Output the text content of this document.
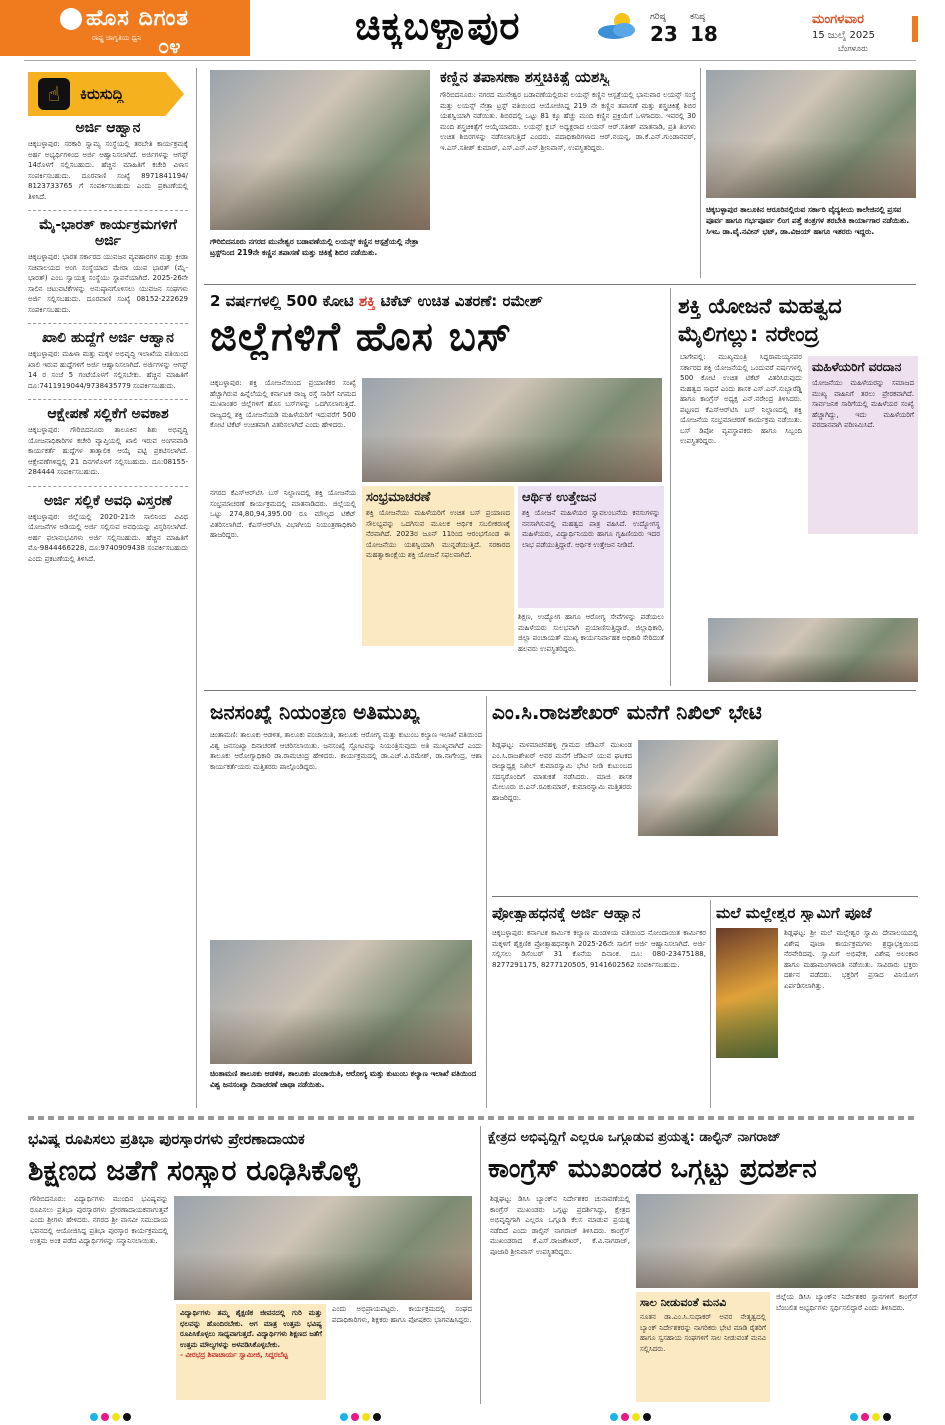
ಹೊಸ ದಿಗಂತ
ರಾಷ್ಟ್ರ ಜಾಗೃತಿಯ ಧ್ವನಿ ೦೪	ಚಿಕ್ಕಬಳ್ಳಾಪುರ	ಗರಿಷ್ಠ
23
ಕನಿಷ್ಠ
18
ಮಂಗಳವಾರ
15 ಜುಲೈ 2025
ಬೆಂಗಳೂರು
☝	ಕಿರುಸುದ್ದಿ
ಅರ್ಜಿ ಆಹ್ವಾನ
ಚಿಕ್ಕಬಳ್ಳಾಪುರ: ಸರಕಾರಿ ಸ್ವಾಮ್ಯ ಸಂಸ್ಥೆಯಲ್ಲಿ ತರಬೇತಿ ಕಾರ್ಯಕ್ರಮಕ್ಕೆ ಅರ್ಹ ಅಭ್ಯರ್ಥಿಗಳಿಂದ ಅರ್ಜಿ ಆಹ್ವಾನಿಸಲಾಗಿದೆ. ಅರ್ಜಿಗಳನ್ನು ಆಗಸ್ಟ್ 14ರೊಳಗೆ ಸಲ್ಲಿಸಬಹುದು. ಹೆಚ್ಚಿನ ಮಾಹಿತಿಗೆ ಕಚೇರಿ ವಿಳಾಸ ಸಂಪರ್ಕಿಸಬಹುದು. ದೂರವಾಣಿ ಸಂಖ್ಯೆ 8971841194/ 8123733765 ಗೆ ಸಂಪರ್ಕಿಸಬಹುದು ಎಂದು ಪ್ರಕಟಣೆಯಲ್ಲಿ ತಿಳಿಸಿದೆ.
ಮೈ-ಭಾರತ್ ಕಾರ್ಯಕ್ರಮಗಳಿಗೆ ಅರ್ಜಿ
ಚಿಕ್ಕಬಳ್ಳಾಪುರ: ಭಾರತ ಸರ್ಕಾರದ ಯುವಜನ ವ್ಯವಹಾರಗಳ ಮತ್ತು ಕ್ರೀಡಾ ಸಚಿವಾಲಯದ ಅಂಗ ಸಂಸ್ಥೆಯಾದ ಮೇರಾ ಯುವ ಭಾರತ್ (ಮೈ-ಭಾರತ್) ಎಂಬ ಸ್ವಾಯತ್ತ ಸಂಸ್ಥೆಯು ಸ್ಥಾಪನೆಯಾಗಿದೆ. 2025-26ನೇ ಸಾಲಿನ ಚಟುವಟಿಕೆಗಳನ್ನು ಅನುಷ್ಠಾನಗೊಳಿಸಲು ಯುವಜನ ಸಂಘಗಳು ಅರ್ಜಿ ಸಲ್ಲಿಸಬಹುದು. ದೂರವಾಣಿ ಸಂಖ್ಯೆ 08152-222629 ಸಂಪರ್ಕಿಸಬಹುದು.
ಖಾಲಿ ಹುದ್ದೆಗೆ ಅರ್ಜಿ ಆಹ್ವಾನ
ಚಿಕ್ಕಬಳ್ಳಾಪುರ: ಮಹಿಳಾ ಮತ್ತು ಮಕ್ಕಳ ಅಭಿವೃದ್ಧಿ ಇಲಾಖೆಯ ವತಿಯಿಂದ ಖಾಲಿ ಇರುವ ಹುದ್ದೆಗಳಿಗೆ ಅರ್ಜಿ ಆಹ್ವಾನಿಸಲಾಗಿದೆ. ಅರ್ಜಿಗಳನ್ನು ಆಗಸ್ಟ್ 14 ರ ಸಂಜೆ 5 ಗಂಟೆಯೊಳಗೆ ಸಲ್ಲಿಸಬೇಕು. ಹೆಚ್ಚಿನ ಮಾಹಿತಿಗೆ ದೂ:7411919044/9738435779 ಸಂಪರ್ಕಿಸಬಹುದು.
ಆಕ್ಷೇಪಣೆ ಸಲ್ಲಿಕೆಗೆ ಅವಕಾಶ
ಚಿಕ್ಕಬಳ್ಳಾಪುರ: ಗೌರಿಬಿದನೂರು ತಾಲೂಕಿನ ಶಿಶು ಅಭಿವೃದ್ಧಿ ಯೋಜನಾಧಿಕಾರಿಗಳ ಕಚೇರಿ ವ್ಯಾಪ್ತಿಯಲ್ಲಿ ಖಾಲಿ ಇರುವ ಅಂಗನವಾಡಿ ಕಾರ್ಯಕರ್ತೆ ಹುದ್ದೆಗಳ ತಾತ್ಕಾಲಿಕ ಆಯ್ಕೆ ಪಟ್ಟಿ ಪ್ರಕಟಿಸಲಾಗಿದೆ. ಆಕ್ಷೇಪಣೆಗಳಿದ್ದಲ್ಲಿ 21 ದಿನಗಳೊಳಗೆ ಸಲ್ಲಿಸಬಹುದು. ದೂ:08155-284444 ಸಂಪರ್ಕಿಸಬಹುದು.
ಅರ್ಜಿ ಸಲ್ಲಿಕೆ ಅವಧಿ ವಿಸ್ತರಣೆ
ಚಿಕ್ಕಬಳ್ಳಾಪುರ: ಜಿಲ್ಲೆಯಲ್ಲಿ 2020-21ನೇ ಸಾಲಿನಿಂದ ವಿವಿಧ ಯೋಜನೆಗಳ ಅಡಿಯಲ್ಲಿ ಅರ್ಜಿ ಸಲ್ಲಿಸುವ ಅವಧಿಯನ್ನು ವಿಸ್ತರಿಸಲಾಗಿದೆ. ಅರ್ಹ ಫಲಾನುಭವಿಗಳು ಅರ್ಜಿ ಸಲ್ಲಿಸಬಹುದು. ಹೆಚ್ಚಿನ ಮಾಹಿತಿಗೆ ಮೊ-9844466228, ದೂ:9740909438 ಸಂಪರ್ಕಿಸಬಹುದು ಎಂದು ಪ್ರಕಟಣೆಯಲ್ಲಿ ತಿಳಿಸಿದೆ.
ಗೌರಿಬಿದನೂರು ನಗರದ ಮುನೇಶ್ವರ ಬಡಾವಣೆಯಲ್ಲಿ ಲಯನ್ಸ್ ಕಣ್ಣಿನ ಆಸ್ಪತ್ರೆಯಲ್ಲಿ ನೇತ್ರಾ ಟ್ರಸ್ಟ್‌ನಿಂದ 219ನೇ ಕಣ್ಣಿನ ತಪಾಸಣೆ ಮತ್ತು ಚಿಕಿತ್ಸೆ ಶಿಬಿರ ನಡೆಯಿತು.
ಕಣ್ಣಿನ ತಪಾಸಣಾ ಶಸ್ತ್ರಚಿಕಿತ್ಸೆ ಯಶಸ್ವಿ
ಗೌರಿಬಿದನೂರು: ನಗರದ ಮುನೇಶ್ವರ ಬಡಾವಣೆಯಲ್ಲಿರುವ ಲಯನ್ಸ್ ಕಣ್ಣಿನ ಆಸ್ಪತ್ರೆಯಲ್ಲಿ ಭಾನುವಾರ ಲಯನ್ಸ್ ಸಂಸ್ಥೆ ಮತ್ತು ಲಯನ್ಸ್ ನೇತ್ರಾ ಟ್ರಸ್ಟ್ ವತಿಯಿಂದ ಆಯೋಜಿಸಿದ್ದ 219 ನೇ ಕಣ್ಣಿನ ತಪಾಸಣೆ ಮತ್ತು ಶಸ್ತ್ರಚಿಕಿತ್ಸೆ ಶಿಬಿರ ಯಶಸ್ವಿಯಾಗಿ ನಡೆಯಿತು. ಶಿಬಿರದಲ್ಲಿ ಒಟ್ಟು 81 ಕ್ಕೂ ಹೆಚ್ಚು ಮಂದಿ ಕಣ್ಣಿನ ಪ್ರಕ್ರಿಯೆಗೆ ಒಳಗಾದರು. ಇವರಲ್ಲಿ 30 ಮಂದಿ ಶಸ್ತ್ರಚಿಕಿತ್ಸೆಗೆ ಆಯ್ಕೆಯಾದರು. ಲಯನ್ಸ್ ಕ್ಲಬ್ ಅಧ್ಯಕ್ಷರಾದ ಲಯನ್ ಆರ್.ಸತೀಶ್ ಮಾತನಾಡಿ, ಪ್ರತಿ ತಿಂಗಳು ಉಚಿತ ಶಿಬಿರಗಳನ್ನು ನಡೆಸಲಾಗುತ್ತಿದೆ ಎಂದರು. ಪದಾಧಿಕಾರಿಗಳಾದ ಆರ್.ನಯನ್ನ, ಡಾ.ಕೆ.ಎನ್.ಗುಂಡಾನವರ್, ಇ.ಎಸ್.ಸತೀಶ್ ಕುಮಾರ್, ಎಸ್.ಎನ್.ಎನ್.ಶ್ರೀನಿವಾಸ್, ಉಪಸ್ಥಿತರಿದ್ದರು.
ಚಿಕ್ಕಬಳ್ಳಾಪುರ ತಾಲೂಕಿನ ಆರೂರಿನಲ್ಲಿರುವ ಸರ್ಕಾರಿ ವೈದ್ಯಕೀಯ ಕಾಲೇಜಿನಲ್ಲಿ ಪ್ರಸವ ಪೂರ್ವ ಹಾಗೂ ಗರ್ಭಪೂರ್ವ ಲಿಂಗ ಪತ್ತೆ ತಂತ್ರಗಳ ತರಬೇತಿ ಕಾರ್ಯಾಗಾರ ನಡೆಯಿತು. ಸಿಇಒ ಡಾ.ವೈ.ನವೀನ್ ಭಟ್, ಡಾ.ವಿಜಯ್ ಹಾಗೂ ಇತರರು ಇದ್ದರು.
2 ವರ್ಷಗಳಲ್ಲಿ 500 ಕೋಟಿ ಶಕ್ತಿ ಟಿಕೆಟ್ ಉಚಿತ ವಿತರಣೆ: ರಮೇಶ್
ಜಿಲ್ಲೆಗಳಿಗೆ ಹೊಸ ಬಸ್
ಚಿಕ್ಕಬಳ್ಳಾಪುರ: ಶಕ್ತಿ ಯೋಜನೆಯಿಂದ ಪ್ರಯಾಣಿಕರ ಸಂಖ್ಯೆ ಹೆಚ್ಚಾಗಿರುವ ಹಿನ್ನೆಲೆಯಲ್ಲಿ ಕರ್ನಾಟಕ ರಾಜ್ಯ ರಸ್ತೆ ಸಾರಿಗೆ ನಿಗಮದ ಮುಖಾಂತರ ಜಿಲ್ಲೆಗಳಿಗೆ ಹೊಸ ಬಸ್‌ಗಳನ್ನು ಒದಗಿಸಲಾಗುತ್ತಿದೆ. ರಾಜ್ಯದಲ್ಲಿ ಶಕ್ತಿ ಯೋಜನೆಯಡಿ ಮಹಿಳೆಯರಿಗೆ ಇದುವರೆಗೆ 500 ಕೋಟಿ ಟಿಕೆಟ್ ಉಚಿತವಾಗಿ ವಿತರಿಸಲಾಗಿದೆ ಎಂದು ಹೇಳಿದರು.
ನಗರದ ಕೆಎಸ್‌ಆರ್‌ಟಿಸಿ ಬಸ್ ನಿಲ್ದಾಣದಲ್ಲಿ ಶಕ್ತಿ ಯೋಜನೆಯ ಸಂಭ್ರಮಾಚರಣೆ ಕಾರ್ಯಕ್ರಮದಲ್ಲಿ ಮಾತನಾಡಿದರು. ಜಿಲ್ಲೆಯಲ್ಲಿ ಒಟ್ಟು 274,80,94,395.00 ರೂ ಮೌಲ್ಯದ ಟಿಕೆಟ್ ವಿತರಿಸಲಾಗಿದೆ. ಕೆಎಸ್‌ಆರ್‌ಟಿಸಿ ವಿಭಾಗೀಯ ನಿಯಂತ್ರಣಾಧಿಕಾರಿ ಹಾಜರಿದ್ದರು.
ಸಂಭ್ರಮಾಚರಣೆ
ಶಕ್ತಿ ಯೋಜನೆಯು ಮಹಿಳೆಯರಿಗೆ ಉಚಿತ ಬಸ್ ಪ್ರಯಾಣದ ಸೌಲಭ್ಯವನ್ನು ಒದಗಿಸುವ ಮೂಲಕ ಆರ್ಥಿಕ ಸಬಲೀಕರಣಕ್ಕೆ ನೆರವಾಗಿದೆ. 2023ರ ಜೂನ್ 11ರಿಂದ ಆರಂಭಗೊಂಡ ಈ ಯೋಜನೆಯು ಯಶಸ್ವಿಯಾಗಿ ಮುನ್ನಡೆಯುತ್ತಿದೆ. ಸರಕಾರದ ಮಹತ್ವಾಕಾಂಕ್ಷೆಯ ಶಕ್ತಿ ಯೋಜನೆ ಸಫಲವಾಗಿದೆ.
ಆರ್ಥಿಕ ಉತ್ತೇಜನ
ಶಕ್ತಿ ಯೋಜನೆ ಮಹಿಳೆಯರ ಸ್ವಾವಲಂಬನೆಯ ಕನಸುಗಳನ್ನು ನನಸಾಗಿಸುವಲ್ಲಿ ಮಹತ್ವದ ಪಾತ್ರ ವಹಿಸಿದೆ. ಉದ್ಯೋಗಸ್ಥ ಮಹಿಳೆಯರು, ವಿದ್ಯಾರ್ಥಿನಿಯರು ಹಾಗೂ ಗೃಹಿಣಿಯರು ಇದರ ಲಾಭ ಪಡೆಯುತ್ತಿದ್ದಾರೆ. ಆರ್ಥಿಕ ಉತ್ತೇಜನ ನೀಡಿದೆ.
ಶಿಕ್ಷಣ, ಉದ್ಯೋಗ ಹಾಗೂ ಆರೋಗ್ಯ ಸೇವೆಗಳನ್ನು ಪಡೆಯಲು ಮಹಿಳೆಯರು ಸುಲಭವಾಗಿ ಪ್ರಯಾಣಿಸುತ್ತಿದ್ದಾರೆ. ಜಿಲ್ಲಾಧಿಕಾರಿ, ಜಿಲ್ಲಾ ಪಂಚಾಯತ್ ಮುಖ್ಯ ಕಾರ್ಯನಿರ್ವಾಹಕ ಅಧಿಕಾರಿ ಸೇರಿದಂತೆ ಹಲವರು ಉಪಸ್ಥಿತರಿದ್ದರು.
ಶಕ್ತಿ ಯೋಜನೆ ಮಹತ್ವದ ಮೈಲಿಗಲ್ಲು: ನರೇಂದ್ರ
ಬಾಗೇಪಲ್ಲಿ: ಮುಖ್ಯಮಂತ್ರಿ ಸಿದ್ದರಾಮಯ್ಯನವರ ಸರ್ಕಾರದ ಶಕ್ತಿ ಯೋಜನೆಯಲ್ಲಿ ಒಂದುವರೆ ವರ್ಷಗಳಲ್ಲಿ 500 ಕೋಟಿ ಉಚಿತ ಟಿಕೆಟ್ ವಿತರಿಸಿರುವುದು ಮಹತ್ವದ ಸಾಧನೆ ಎಂದು ಶಾಸಕ ಎಸ್.ಎನ್.ಸುಬ್ಬಾರೆಡ್ಡಿ ಹಾಗೂ ಕಾಂಗ್ರೆಸ್ ಅಧ್ಯಕ್ಷ ಎನ್.ನರೇಂದ್ರ ತಿಳಿಸಿದರು. ಪಟ್ಟಣದ ಕೆಎಸ್‌ಆರ್‌ಟಿಸಿ ಬಸ್ ನಿಲ್ದಾಣದಲ್ಲಿ ಶಕ್ತಿ ಯೋಜನೆಯ ಸಂಭ್ರಮಾಚರಣೆ ಕಾರ್ಯಕ್ರಮ ನಡೆಯಿತು. ಬಸ್ ಡಿಪೋ ವ್ಯವಸ್ಥಾಪಕರು ಹಾಗೂ ಸಿಬ್ಬಂದಿ ಉಪಸ್ಥಿತರಿದ್ದರು.
ಮಹಿಳೆಯರಿಗೆ ವರದಾನ
ಯೋಜನೆಯು ಮಹಿಳೆಯರನ್ನು ಸಮಾಜದ ಮುಖ್ಯ ವಾಹಿನಿಗೆ ತರಲು ಪ್ರೇರಕವಾಗಿದೆ. ಸಾರ್ವಜನಿಕ ಸಾರಿಗೆಯಲ್ಲಿ ಮಹಿಳೆಯರ ಸಂಖ್ಯೆ ಹೆಚ್ಚಾಗಿದ್ದು, ಇದು ಮಹಿಳೆಯರಿಗೆ ವರದಾನವಾಗಿ ಪರಿಣಮಿಸಿದೆ.
ಜನಸಂಖ್ಯೆ ನಿಯಂತ್ರಣ ಅತಿಮುಖ್ಯ
ಚಿಂತಾಮಣಿ: ತಾಲೂಕು ಆಡಳಿತ, ತಾಲೂಕು ಪಂಚಾಯಿತಿ, ತಾಲೂಕು ಆರೋಗ್ಯ ಮತ್ತು ಕುಟುಂಬ ಕಲ್ಯಾಣ ಇಲಾಖೆ ವತಿಯಿಂದ ವಿಶ್ವ ಜನಸಂಖ್ಯಾ ದಿನಾಚರಣೆ ಆಚರಿಸಲಾಯಿತು. ಜನಸಂಖ್ಯೆ ಸ್ಫೋಟವನ್ನು ನಿಯಂತ್ರಿಸುವುದು ಅತಿ ಮುಖ್ಯವಾಗಿದೆ ಎಂದು ತಾಲೂಕು ಆರೋಗ್ಯಾಧಿಕಾರಿ ಡಾ.ರಾಮಚಂದ್ರ ಹೇಳಿದರು. ಕಾರ್ಯಕ್ರಮದಲ್ಲಿ ಡಾ.ಎಚ್.ವಿ.ರಮೇಶ್, ಡಾ.ನಾಗೇಂದ್ರ, ಆಶಾ ಕಾರ್ಯಕರ್ತೆಯರು ಮತ್ತಿತರರು ಪಾಲ್ಗೊಂಡಿದ್ದರು.
ಚಿಂತಾಮಣಿ ತಾಲೂಕು ಆಡಳಿತ, ತಾಲೂಕು ಪಂಚಾಯಿತಿ, ಆರೋಗ್ಯ ಮತ್ತು ಕುಟುಂಬ ಕಲ್ಯಾಣ ಇಲಾಖೆ ವತಿಯಿಂದ ವಿಶ್ವ ಜನಸಂಖ್ಯಾ ದಿನಾಚರಣೆ ಜಾಥಾ ನಡೆಯಿತು.
ಎಂ.ಸಿ.ರಾಜಶೇಖರ್ ಮನೆಗೆ ನಿಖಿಲ್ ಭೇಟಿ
ಶಿಡ್ಲಘಟ್ಟ: ಮಳಮಾಚನಹಳ್ಳಿ ಗ್ರಾಮದ ಜೆಡಿಎಸ್ ಮುಖಂಡ ಎಂ.ಸಿ.ರಾಜಶೇಖರ್ ಅವರ ಮನೆಗೆ ಜೆಡಿಎಸ್ ಯುವ ಘಟಕದ ರಾಜ್ಯಾಧ್ಯಕ್ಷ ನಿಖಿಲ್ ಕುಮಾರಸ್ವಾಮಿ ಭೇಟಿ ನೀಡಿ ಕುಟುಂಬದ ಸದಸ್ಯರೊಂದಿಗೆ ಮಾತುಕತೆ ನಡೆಸಿದರು. ಮಾಜಿ ಶಾಸಕ ಮೇಲೂರು ಬಿ.ಎನ್.ರವಿಕುಮಾರ್, ಕುಮಾರಸ್ವಾಮಿ ಮತ್ತಿತರರು ಹಾಜರಿದ್ದರು.
ಪ್ರೋತ್ಸಾಹಧನಕ್ಕೆ ಅರ್ಜಿ ಆಹ್ವಾನ
ಚಿಕ್ಕಬಳ್ಳಾಪುರ: ಕರ್ನಾಟಕ ಕಾರ್ಮಿಕ ಕಲ್ಯಾಣ ಮಂಡಳಿಯ ವತಿಯಿಂದ ನೋಂದಾಯಿತ ಕಾರ್ಮಿಕರ ಮಕ್ಕಳಿಗೆ ಶೈಕ್ಷಣಿಕ ಪ್ರೋತ್ಸಾಹಧನಕ್ಕಾಗಿ 2025-26ನೇ ಸಾಲಿಗೆ ಅರ್ಜಿ ಆಹ್ವಾನಿಸಲಾಗಿದೆ. ಅರ್ಜಿ ಸಲ್ಲಿಸಲು ಡಿಸೆಂಬರ್ 31 ಕೊನೆಯ ದಿನಾಂಕ. ದೂ: 080-23475188, 8277291175, 8277120505, 9141602562 ಸಂಪರ್ಕಿಸಬಹುದು.
ಮಲೆ ಮಲ್ಲೇಶ್ವರ ಸ್ವಾಮಿಗೆ ಪೂಜೆ
ಶಿಡ್ಲಘಟ್ಟ: ಶ್ರೀ ಮಲೆ ಮಲ್ಲೇಶ್ವರ ಸ್ವಾಮಿ ದೇವಾಲಯದಲ್ಲಿ ವಿಶೇಷ ಪೂಜಾ ಕಾರ್ಯಕ್ರಮಗಳು ಶ್ರದ್ಧಾಭಕ್ತಿಯಿಂದ ನೆರವೇರಿದವು. ಸ್ವಾಮಿಗೆ ಅಭಿಷೇಕ, ವಿಶೇಷ ಅಲಂಕಾರ ಹಾಗೂ ಮಹಾಮಂಗಳಾರತಿ ನಡೆಯಿತು. ಸಾವಿರಾರು ಭಕ್ತರು ದರ್ಶನ ಪಡೆದರು. ಭಕ್ತರಿಗೆ ಪ್ರಸಾದ ವಿನಿಯೋಗ ಏರ್ಪಡಿಸಲಾಗಿತ್ತು.
ಭವಿಷ್ಯ ರೂಪಿಸಲು ಪ್ರತಿಭಾ ಪುರಸ್ಕಾರಗಳು ಪ್ರೇರಣಾದಾಯಕ
ಶಿಕ್ಷಣದ ಜತೆಗೆ ಸಂಸ್ಕಾರ ರೂಢಿಸಿಕೊಳ್ಳಿ
ಗೌರಿಬಿದನೂರು: ವಿದ್ಯಾರ್ಥಿಗಳು ಮುಂದಿನ ಭವಿಷ್ಯವನ್ನು ರೂಪಿಸಲು ಪ್ರತಿಭಾ ಪುರಸ್ಕಾರಗಳು ಪ್ರೇರಣಾದಾಯಕವಾಗುತ್ತವೆ ಎಂದು ಶ್ರೀಗಳು ಹೇಳಿದರು. ನಗರದ ಶ್ರೀ ವಾಸವೀ ಸಮುದಾಯ ಭವನದಲ್ಲಿ ಆಯೋಜಿಸಿದ್ದ ಪ್ರತಿಭಾ ಪುರಸ್ಕಾರ ಕಾರ್ಯಕ್ರಮದಲ್ಲಿ ಉತ್ತಮ ಅಂಕ ಪಡೆದ ವಿದ್ಯಾರ್ಥಿಗಳನ್ನು ಸನ್ಮಾನಿಸಲಾಯಿತು.
ವಿದ್ಯಾರ್ಥಿಗಳು ತಮ್ಮ ಶೈಕ್ಷಣಿಕ ಜೀವನದಲ್ಲಿ ಗುರಿ ಮತ್ತು ಛಲವನ್ನು ಹೊಂದಿರಬೇಕು. ಆಗ ಮಾತ್ರ ಉತ್ತಮ ಭವಿಷ್ಯ ರೂಪಿಸಿಕೊಳ್ಳಲು ಸಾಧ್ಯವಾಗುತ್ತದೆ. ವಿದ್ಯಾರ್ಥಿಗಳು ಶಿಕ್ಷಣದ ಜತೆಗೆ ಉತ್ತಮ ಮೌಲ್ಯಗಳನ್ನು ಅಳವಡಿಸಿಕೊಳ್ಳಬೇಕು.
- ವೀರಭದ್ರ ಶಿವಾಚಾರ್ಯ ಸ್ವಾಮೀಜಿ, ಸಿದ್ದರಬೆಟ್ಟ
ಎಂದು ಅಭಿಪ್ರಾಯಪಟ್ಟರು. ಕಾರ್ಯಕ್ರಮದಲ್ಲಿ ಸಂಘದ ಪದಾಧಿಕಾರಿಗಳು, ಶಿಕ್ಷಕರು ಹಾಗೂ ಪೋಷಕರು ಭಾಗವಹಿಸಿದ್ದರು.
ಕ್ಷೇತ್ರದ ಅಭಿವೃದ್ಧಿಗೆ ಎಲ್ಲರೂ ಒಗ್ಗೂಡುವ ಪ್ರಯತ್ನ: ಡಾಲ್ಫಿನ್ ನಾಗರಾಜ್
ಕಾಂಗ್ರೆಸ್ ಮುಖಂಡರ ಒಗ್ಗಟ್ಟು ಪ್ರದರ್ಶನ
ಶಿಡ್ಲಘಟ್ಟ: ಡಿಸಿಸಿ ಬ್ಯಾಂಕ್‌ನ ನಿರ್ದೇಶಕರ ಚುನಾವಣೆಯಲ್ಲಿ ಕಾಂಗ್ರೆಸ್ ಮುಖಂಡರು ಒಗ್ಗಟ್ಟು ಪ್ರದರ್ಶಿಸಿದ್ದು, ಕ್ಷೇತ್ರದ ಅಭಿವೃದ್ಧಿಗಾಗಿ ಎಲ್ಲರೂ ಒಗ್ಗೂಡಿ ಕೆಲಸ ಮಾಡುವ ಪ್ರಯತ್ನ ನಡೆದಿದೆ ಎಂದು ಡಾಲ್ಫಿನ್ ನಾಗರಾಜ್ ತಿಳಿಸಿದರು. ಕಾಂಗ್ರೆಸ್ ಮುಖಂಡರಾದ ಕೆ.ಎಸ್.ರಾಜಶೇಖರ್, ಕೆ.ವಿ.ನಾಗರಾಜ್, ಪೂಜಾರಿ ಶ್ರೀನಿವಾಸ್ ಉಪಸ್ಥಿತರಿದ್ದರು.
ಸಾಲ ನೀಡುವಂತೆ ಮನವಿ
ನೂತನ ಡಾ.ಎಂ.ಸಿ.ಸುಧಾಕರ್ ಅವರ ನೇತೃತ್ವದಲ್ಲಿ ಬ್ಯಾಂಕ್ ನಿರ್ದೇಶಕರನ್ನು ನಾಗರಿಕರು ಭೇಟಿ ಮಾಡಿ ರೈತರಿಗೆ ಹಾಗೂ ಸ್ವಸಹಾಯ ಸಂಘಗಳಿಗೆ ಸಾಲ ನೀಡುವಂತೆ ಮನವಿ ಸಲ್ಲಿಸಿದರು.
ಜಿಲ್ಲೆಯ ಡಿಸಿಸಿ ಬ್ಯಾಂಕ್‌ನ ನಿರ್ದೇಶಕರ ಸ್ಥಾನಗಳಿಗೆ ಕಾಂಗ್ರೆಸ್ ಬೆಂಬಲಿತ ಅಭ್ಯರ್ಥಿಗಳು ಸ್ಪರ್ಧಿಸಲಿದ್ದಾರೆ ಎಂದು ತಿಳಿಸಿದರು.
